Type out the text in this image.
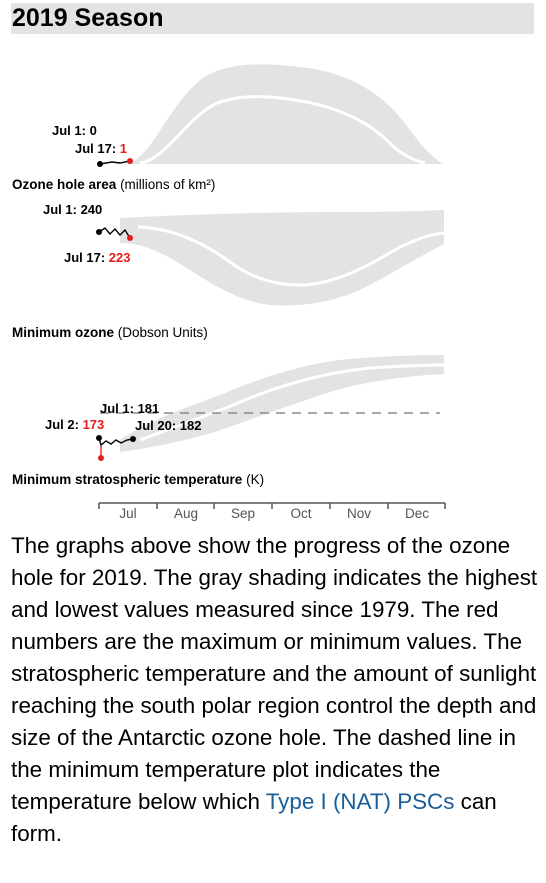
2019 Season
Jul 1: 0
Jul 17: 1
Ozone hole area (millions of km²)
Jul 1: 240
Jul 17: 223
Minimum ozone (Dobson Units)
Jul 1: 181
Jul 2: 173 Jul 20: 182
Minimum stratospheric temperature (K)
Jul	Aug Sep	Oct	Nov	Dec

The graphs above show the progress of the ozone hole for 2019. The gray shading indicates the highest and lowest values measured since 1979. The red numbers are the maximum or minimum values. The stratospheric temperature and the amount of sunlight reaching the south polar region control the depth and size of the Antarctic ozone hole. The dashed line in the minimum temperature plot indicates the temperature below which Type I (NAT) PSCs can form.
